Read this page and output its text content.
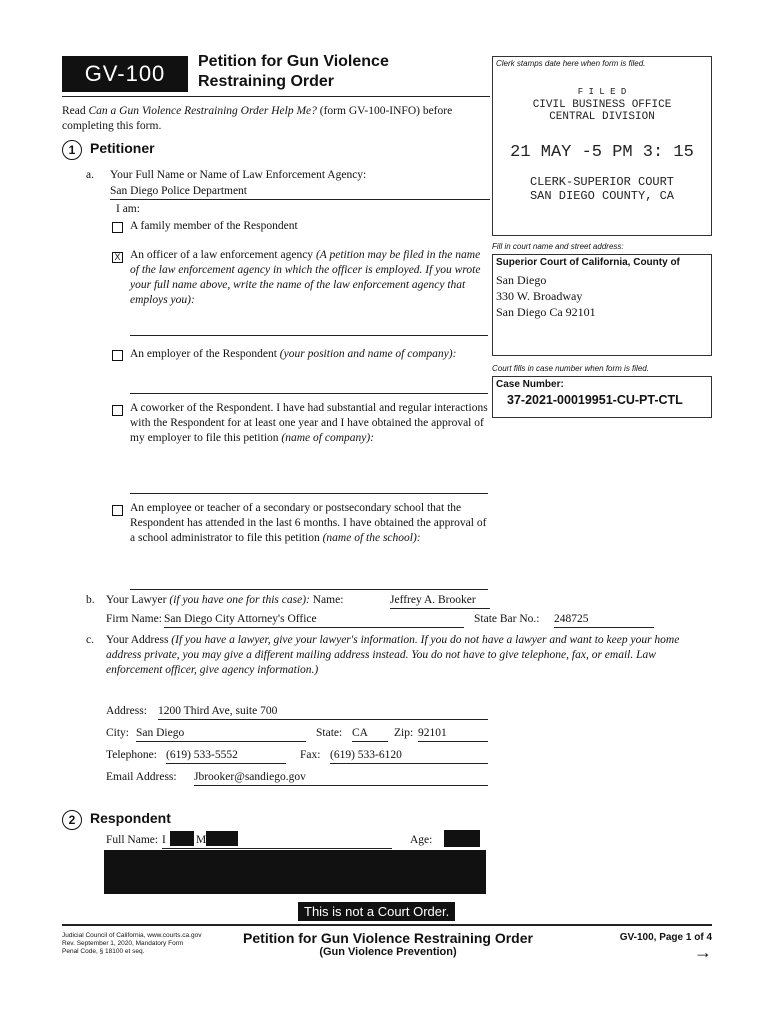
GV-100	Petition for Gun Violence
Restraining Order
Read Can a Gun Violence Restraining Order Help Me? (form GV-100-INFO) before completing this form.
Clerk stamps date here when form is filed.
F I L E D
CIVIL BUSINESS OFFICE
CENTRAL DIVISION
21 MAY -5 PM 3: 15
CLERK-SUPERIOR COURT
SAN DIEGO COUNTY, CA
Fill in court name and street address:
Superior Court of California, County of
San Diego
330 W. Broadway
San Diego Ca 92101
Court fills in case number when form is filed.
Case Number:
37-2021-00019951-CU-PT-CTL
1	Petitioner
a. Your Full Name or Name of Law Enforcement Agency:
San Diego Police Department
I am:
A family member of the Respondent
X An officer of a law enforcement agency (A petition may be filed in the name of the law enforcement agency in which the officer is employed. If you wrote your full name above, write the name of the law enforcement agency that employs you):
An employer of the Respondent (your position and name of company):
A coworker of the Respondent. I have had substantial and regular interactions with the Respondent for at least one year and I have obtained the approval of my employer to file this petition (name of company):
An employee or teacher of a secondary or postsecondary school that the Respondent has attended in the last 6 months. I have obtained the approval of a school administrator to file this petition (name of the school):
b. Your Lawyer (if you have one for this case): Name:	Jeffrey A. Brooker
Firm Name: San Diego City Attorney's Office	State Bar No.: 248725
c. Your Address (If you have a lawyer, give your lawyer's information. If you do not have a lawyer and want to keep your home address private, you may give a different mailing address instead. You do not have to give telephone, fax, or email. Law enforcement officer, give agency information.)
Address: 1200 Third Ave, suite 700
City: San Diego	State: CA	Zip: 92101
Telephone: (619) 533-5552	Fax: (619) 533-6120
Email Address: Jbrooker@sandiego.gov
2	Respondent
Full Name: I	M	Age:
This is not a Court Order.
Judicial Council of California, www.courts.ca.gov
Rev. September 1, 2020, Mandatory Form
Penal Code, § 18100 et seq.
Petition for Gun Violence Restraining Order
(Gun Violence Prevention)
GV-100, Page 1 of 4
→
